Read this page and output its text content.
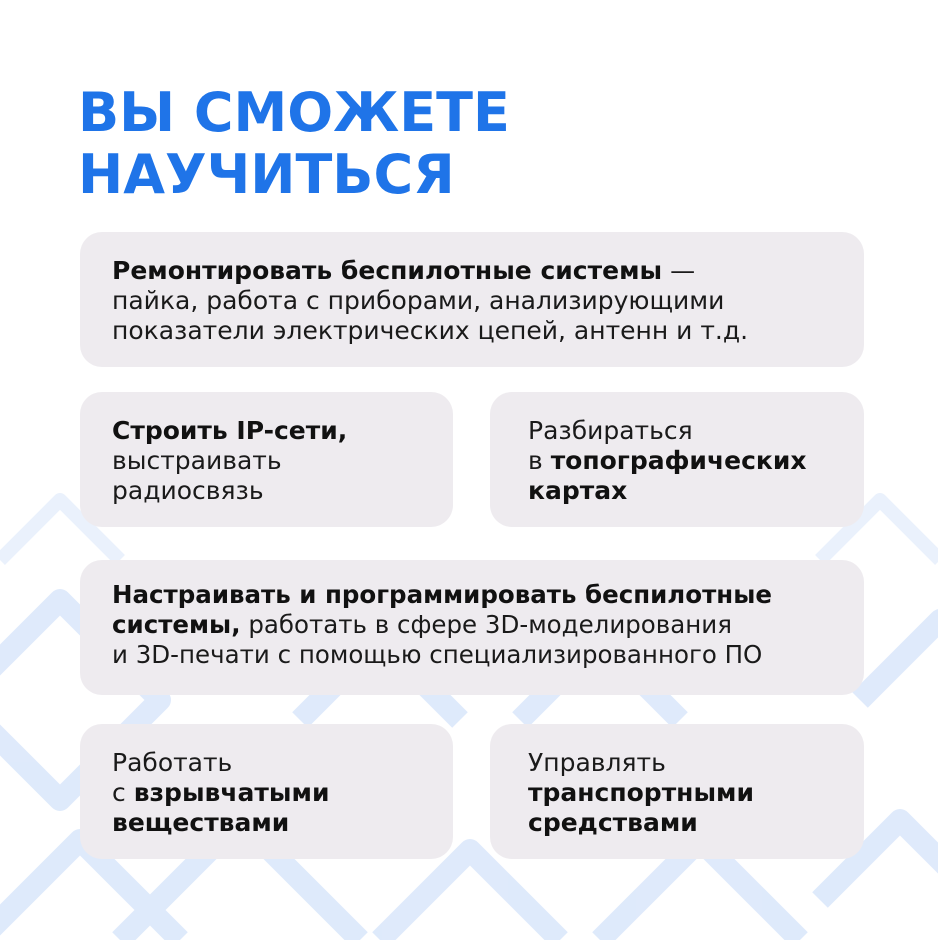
ВЫ СМОЖЕТЕ
НАУЧИТЬСЯ
Ремонтировать беспилотные системы —
пайка, работа с приборами, анализирующими
показатели электрических цепей, антенн и т.д.
Строить IP-сети,
выстраивать
радиосвязь
Разбираться
в топографических
картах
Настраивать и программировать беспилотные
системы, работать в сфере 3D-моделирования
и 3D-печати с помощью специализированного ПО
Работать
с взрывчатыми
веществами
Управлять
транспортными
средствами
